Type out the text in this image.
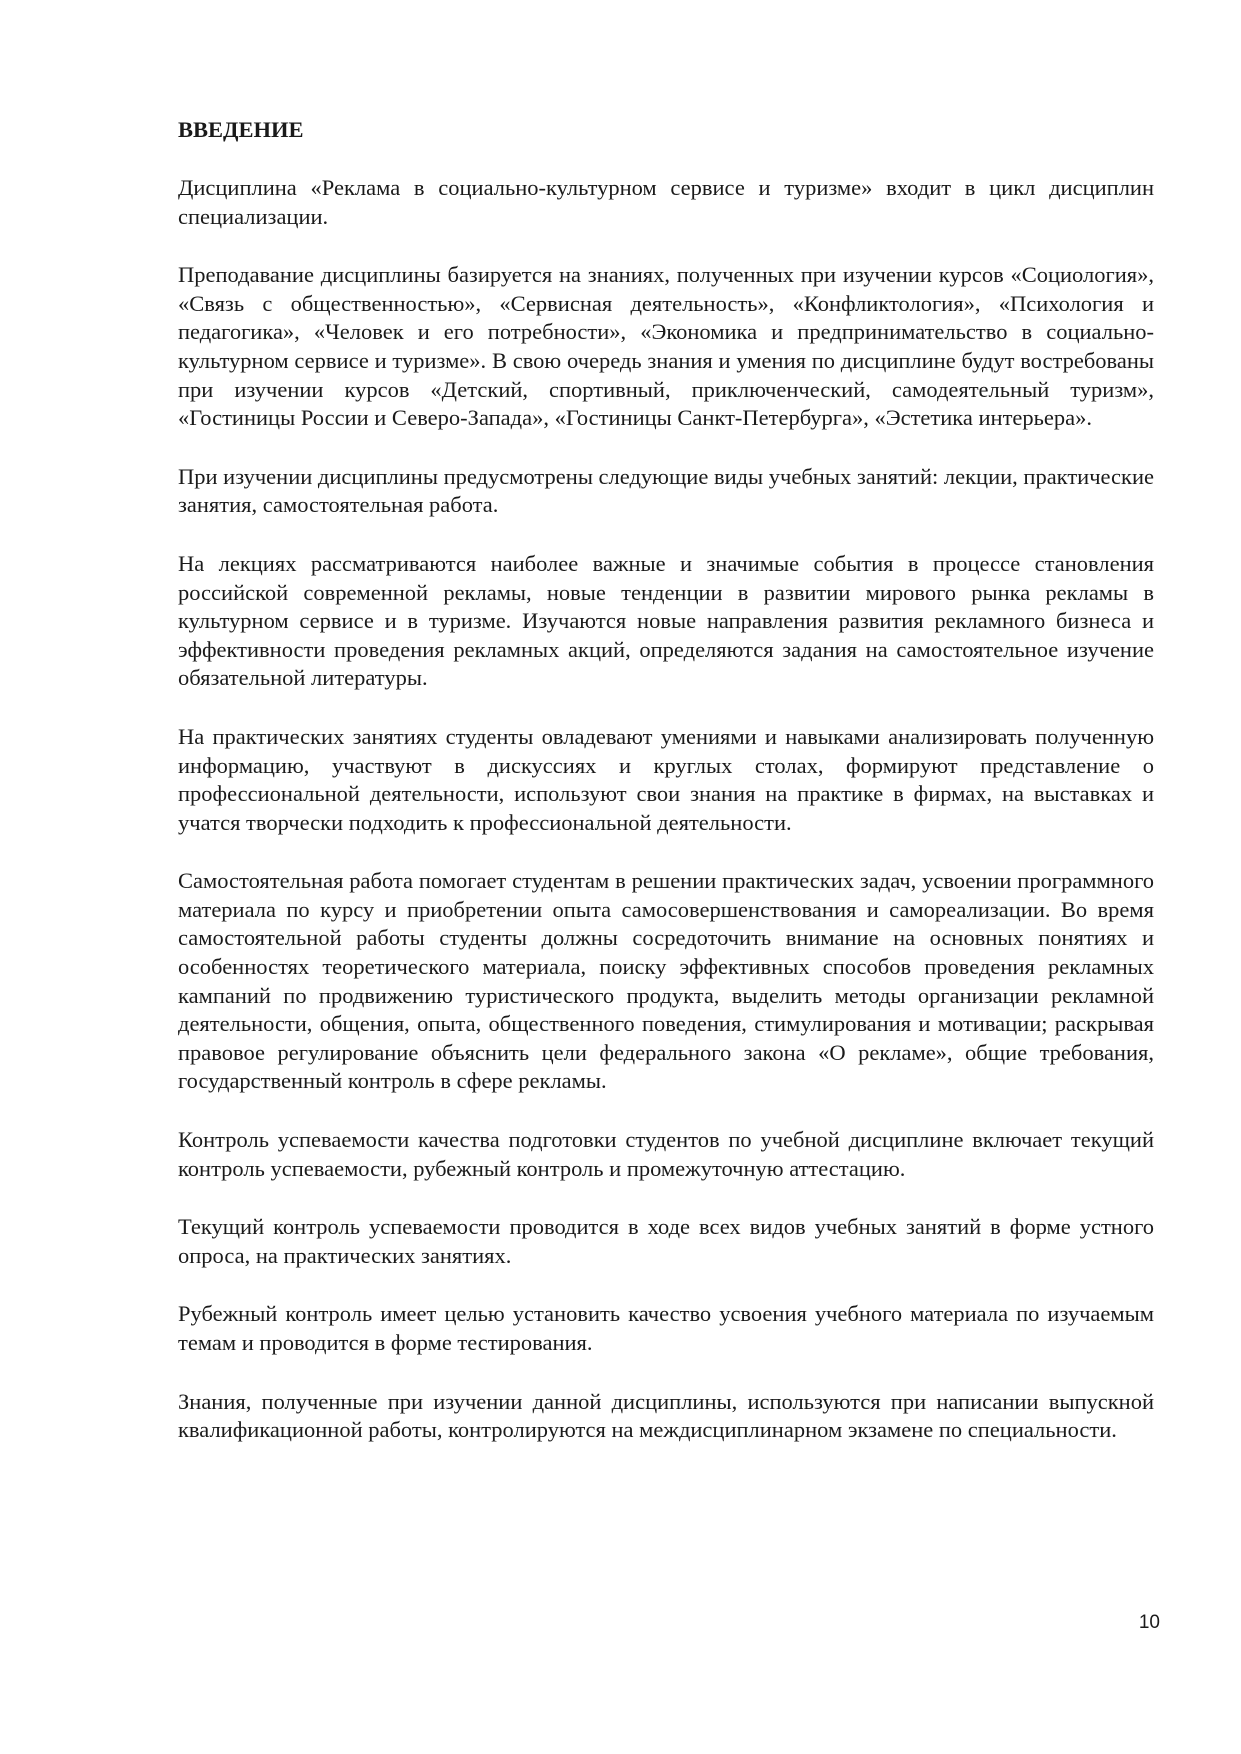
ВВЕДЕНИЕ

Дисциплина «Реклама в социально-культурном сервисе и туризме» входит в цикл дисциплин специализации.

Преподавание дисциплины базируется на знаниях, полученных при изучении курсов «Социология», «Связь с общественностью», «Сервисная деятельность», «Конфликтология», «Психология и педагогика», «Человек и его потребности», «Экономика и предпринимательство в социально-культурном сервисе и туризме». В свою очередь знания и умения по дисциплине будут востребованы при изучении курсов «Детский, спортивный, приключенческий, самодеятельный туризм», «Гостиницы России и Северо-Запада», «Гостиницы Санкт-Петербурга», «Эстетика интерьера».

При изучении дисциплины предусмотрены следующие виды учебных занятий: лекции, практические занятия, самостоятельная работа.

На лекциях рассматриваются наиболее важные и значимые события в процессе становления российской современной рекламы, новые тенденции в развитии мирового рынка рекламы в культурном сервисе и в туризме. Изучаются новые направления развития рекламного бизнеса и эффективности проведения рекламных акций, определяются задания на самостоятельное изучение обязательной литературы.

На практических занятиях студенты овладевают умениями и навыками анализировать полученную информацию, участвуют в дискуссиях и круглых столах, формируют представление о профессиональной деятельности, используют свои знания на практике в фирмах, на выставках и учатся творчески подходить к профессиональной деятельности.

Самостоятельная работа помогает студентам в решении практических задач, усвоении программного материала по курсу и приобретении опыта самосовершенствования и самореализации. Во время самостоятельной работы студенты должны сосредоточить внимание на основных понятиях и особенностях теоретического материала, поиску эффективных способов проведения рекламных кампаний по продвижению туристического продукта, выделить методы организации рекламной деятельности, общения, опыта, общественного поведения, стимулирования и мотивации; раскрывая правовое регулирование объяснить цели федерального закона «О рекламе», общие требования, государственный контроль в сфере рекламы.

Контроль успеваемости качества подготовки студентов по учебной дисциплине включает текущий контроль успеваемости, рубежный контроль и промежуточную аттестацию.

Текущий контроль успеваемости проводится в ходе всех видов учебных занятий в форме устного опроса, на практических занятиях.

Рубежный контроль имеет целью установить качество усвоения учебного материала по изучаемым темам и проводится в форме тестирования.

Знания, полученные при изучении данной дисциплины, используются при написании выпускной квалификационной работы, контролируются на междисциплинарном экзамене по специальности.

10
